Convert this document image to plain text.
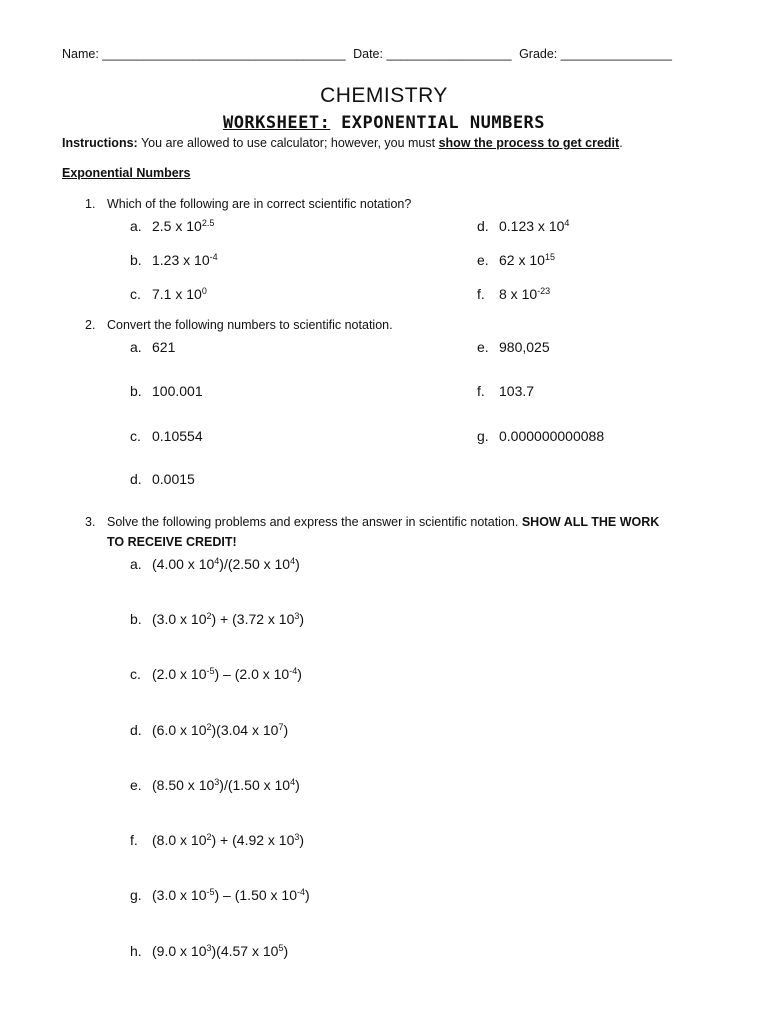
Name: ___________________________________ Date: __________________ Grade: ________________
CHEMISTRY
WORKSHEET: EXPONENTIAL NUMBERS
Instructions: You are allowed to use calculator; however, you must show the process to get credit.
Exponential Numbers
1. Which of the following are in correct scientific notation?
a. 2.5 x $10^{2.5}$
b. 1.23 x $10^{-4}$
c. 7.1 x $10^0$
d. 0.123 x $10^4$
e. 62 x $10^{15}$
f. 8 x $10^{-23}$
2. Convert the following numbers to scientific notation.
a. 621
b. 100.001
c. 0.10554
d. 0.0015
e. 980,025
f. 103.7
g. 0.000000000088
3. Solve the following problems and express the answer in scientific notation. SHOW ALL THE WORK
TO RECEIVE CREDIT!
a. (4.00 x $10^4)/(2.50$ x $10^4$)
b. (3.0 x $10^2) + (3.72$ x $10^3$)
c. (2.0 x $10^{-5}) - (2.0$ x $10^{-4}$)
d. (6.0 x $10^2)(3.04$ x $10^7$)
e. (8.50 x $10^3)/(1.50$ x $10^4$)
f. (8.0 x $10^2) + (4.92$ x $10^3$)
g. (3.0 x $10^{-5}) - (1.50$ x $10^{-4}$)
h. (9.0 x $10^3)(4.57$ x $10^5$)
